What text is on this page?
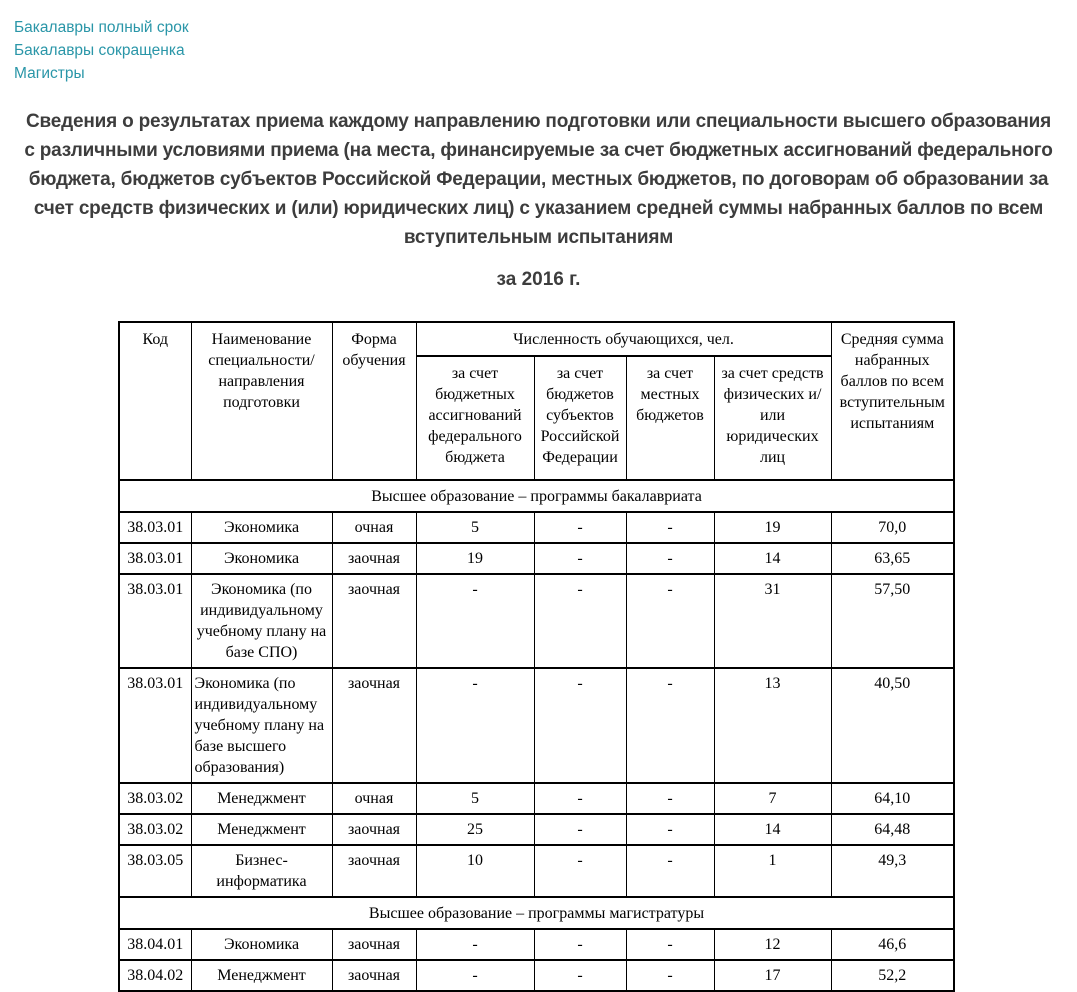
Бакалавры полный срок
Бакалавры сокращенка
Магистры
Сведения о результатах приема каждому направлению подготовки или специальности высшего образования с различными условиями приема (на места, финансируемые за счет бюджетных ассигнований федерального бюджета, бюджетов субъектов Российской Федерации, местных бюджетов, по договорам об образовании за счет средств физических и (или) юридических лиц) с указанием средней суммы набранных баллов по всем вступительным испытаниям
за 2016 г.
Код	Наименование специальности/ направления подготовки	Форма обучения	Численность обучающихся, чел.				Средняя сумма набранных баллов по всем вступительным испытаниям
			за счет бюджетных ассигнований федерального бюджета	за счет бюджетов субъектов Российской Федерации	за счет местных бюджетов	за счет средств физических и/или юридических лиц	
Высшее образование – программы бакалавриата							
38.03.01	Экономика	очная	5	-	-	19	70,0
38.03.01	Экономика	заочная	19	-	-	14	63,65
38.03.01	Экономика (по индивидуальному учебному плану на базе СПО)	заочная	-	-	-	31	57,50
38.03.01	Экономика (по индивидуальному учебному плану на базе высшего образования)	заочная	-	-	-	13	40,50
38.03.02	Менеджмент	очная	5	-	-	7	64,10
38.03.02	Менеджмент	заочная	25	-	-	14	64,48
38.03.05	Бизнес-информатика	заочная	10	-	-	1	49,3
Высшее образование – программы магистратуры							
38.04.01	Экономика	заочная	-	-	-	12	46,6
38.04.02	Менеджмент	заочная	-	-	-	17	52,2
